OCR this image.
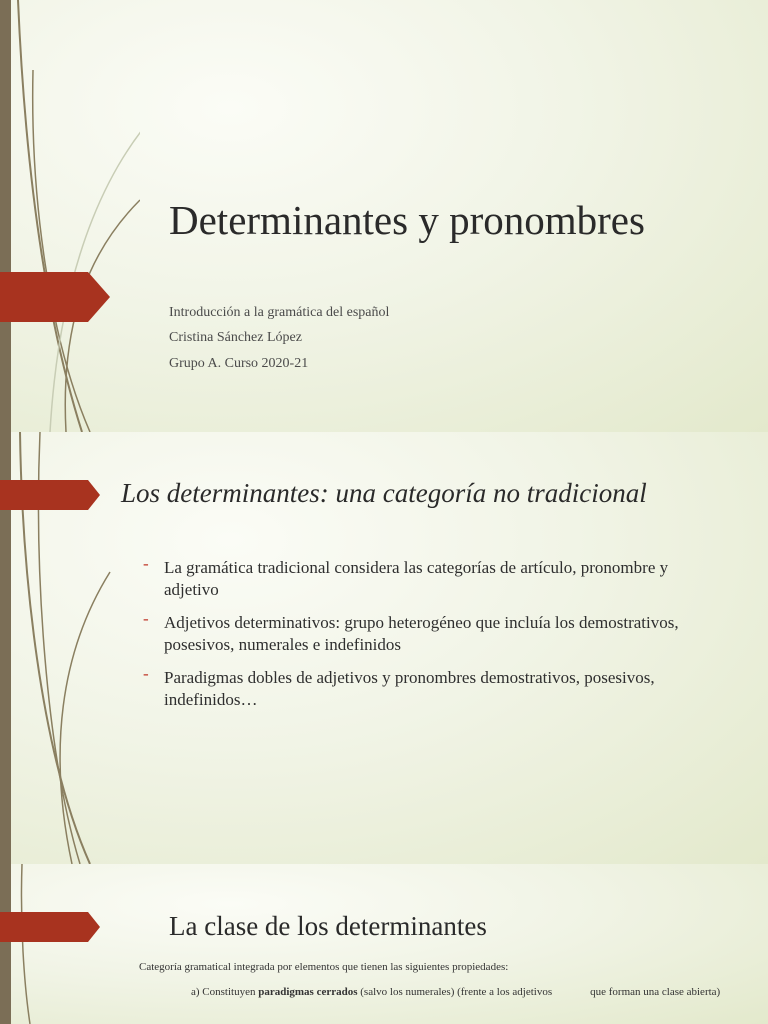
Determinantes y pronombres
Introducción a la gramática del español
Cristina Sánchez López
Grupo A. Curso 2020-21
Los determinantes: una categoría no tradicional
- La gramática tradicional considera las categorías de artículo, pronombre y adjetivo
- Adjetivos determinativos: grupo heterogéneo que incluía los demostrativos, posesivos, numerales e indefinidos
- Paradigmas dobles de adjetivos y pronombres demostrativos, posesivos, indefinidos…
La clase de los determinantes
Categoría gramatical integrada por elementos que tienen las siguientes propiedades:
a) Constituyen paradigmas cerrados (salvo los numerales) (frente a los adjetivos	que forman una clase abierta)
